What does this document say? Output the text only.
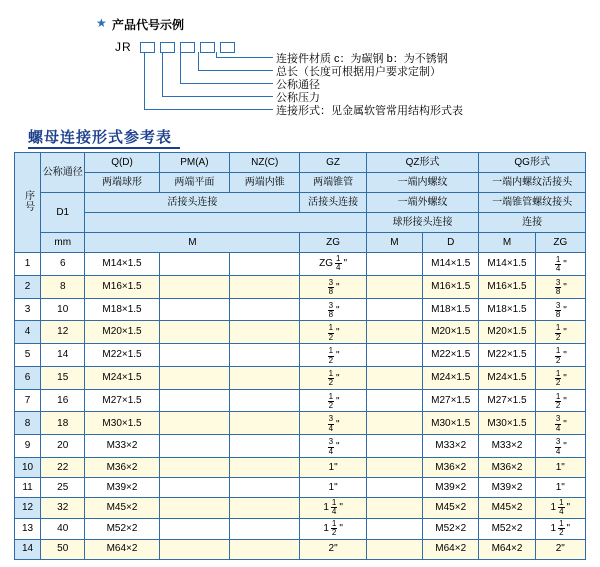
★ 产品代号示例
JR
连接件材质 c：为碳钢 b：为不锈钢
总长（长度可根据用户要求定制）
公称通径
公称压力
连接形式：见金属软管常用结构形式表
螺母连接形式参考表
序号	公称通径	Q(D)	PM(A)	NZ(C)	GZ	QZ形式		QG形式	
		两端球形	两端平面	两端内锥	两端锥管	一端内螺纹		一端内螺纹活接头	
	D1	活接头连接			活接头连接	一端外螺纹		一端锥管螺纹接头	
						球形接头连接		连接	
	mm	M			ZG	M	D	M	ZG
1	6	M14×1.5			ZG $\frac{1}{4}$ "		M14×1.5	M14×1.5	$\frac{1}{4}$ "
2	8	M16×1.5			$\frac{3}{8}$ "		M16×1.5	M16×1.5	$\frac{3}{8}$ "
3	10	M18×1.5			$\frac{3}{8}$ "		M18×1.5	M18×1.5	$\frac{3}{8}$ "
4	12	M20×1.5			$\frac{1}{2}$ "		M20×1.5	M20×1.5	$\frac{1}{2}$ "
5	14	M22×1.5			$\frac{1}{2}$ "		M22×1.5	M22×1.5	$\frac{1}{2}$ "
6	15	M24×1.5			$\frac{1}{2}$ "		M24×1.5	M24×1.5	$\frac{1}{2}$ "
7	16	M27×1.5			$\frac{1}{2}$ "		M27×1.5	M27×1.5	$\frac{1}{2}$ "
8	18	M30×1.5			$\frac{3}{4}$ "		M30×1.5	M30×1.5	$\frac{3}{4}$ "
9	20	M33×2			$\frac{3}{4}$ "		M33×2	M33×2	$\frac{3}{4}$ "
10	22	M36×2			1"		M36×2	M36×2	1"
11	25	M39×2			1"		M39×2	M39×2	1"
12	32	M45×2			$1 \frac{1}{4}$ "		M45×2	M45×2	$1 \frac{1}{4}$ "
13	40	M52×2			$1 \frac{1}{2}$ "		M52×2	M52×2	$1 \frac{1}{2}$ "
14	50	M64×2			2"		M64×2	M64×2	2"
